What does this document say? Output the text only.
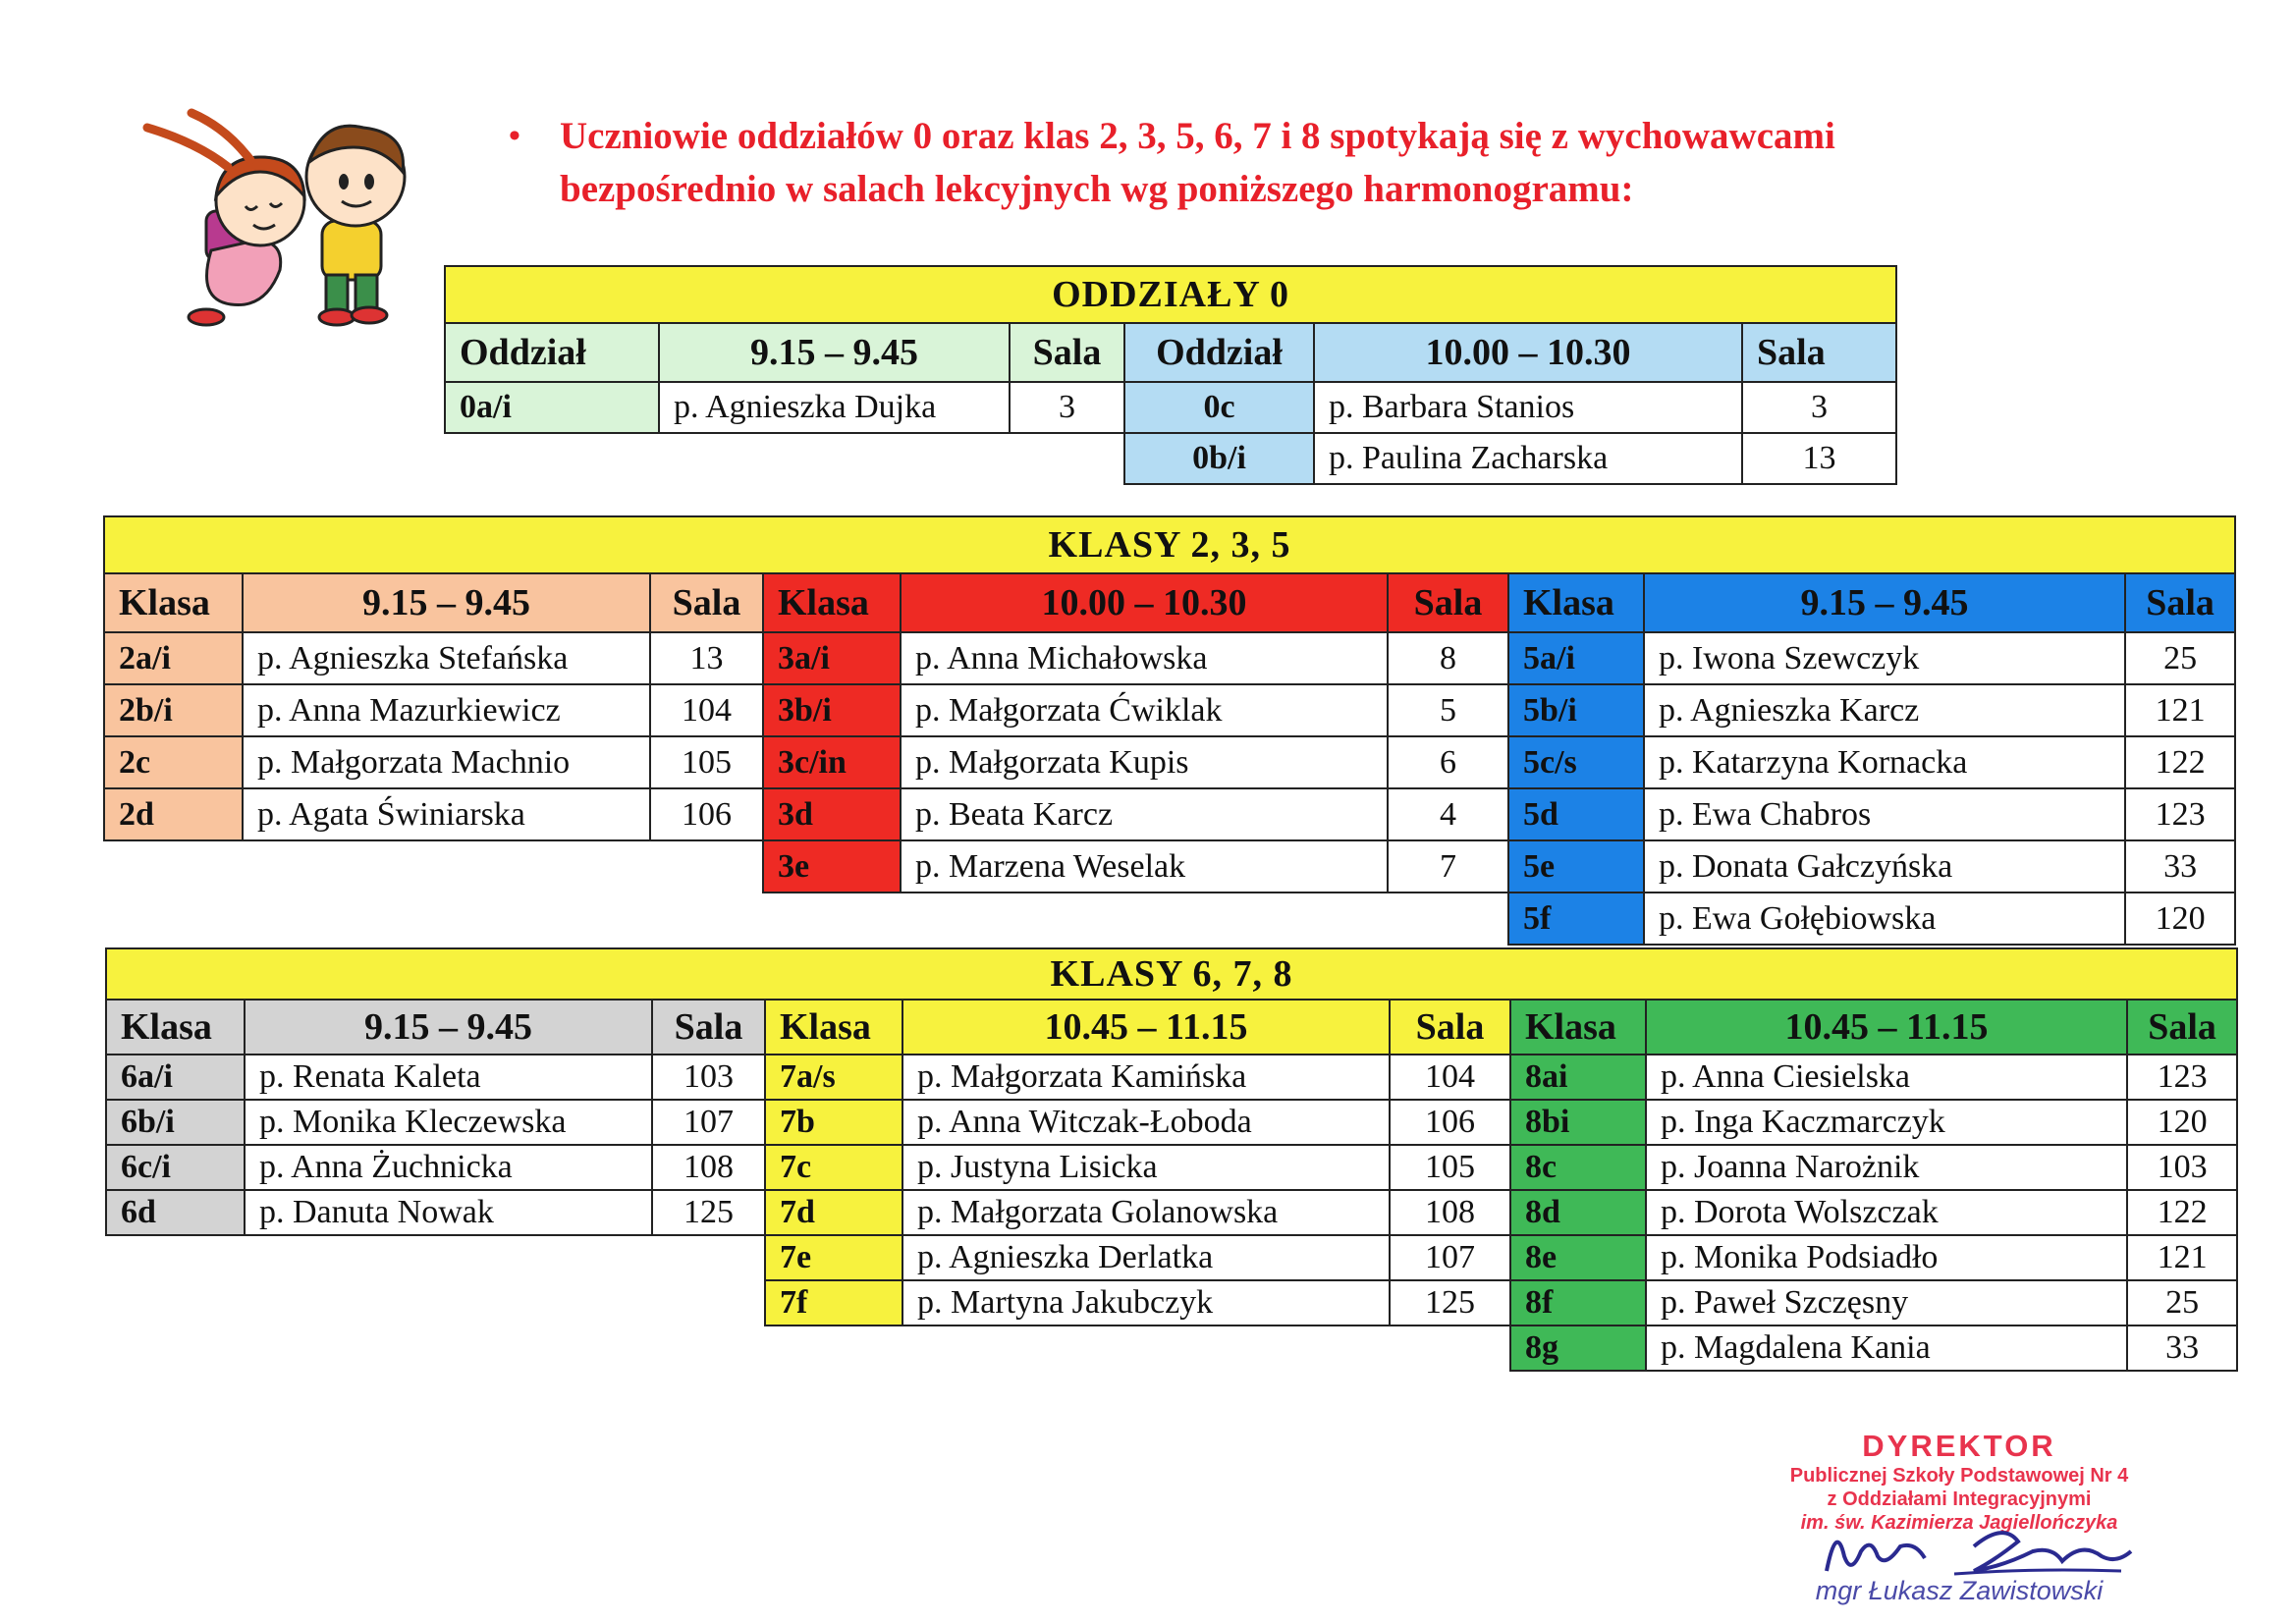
• Uczniowie oddziałów 0 oraz klas 2, 3, 5, 6, 7 i 8 spotykają się z wychowawcami
bezpośrednio w salach lekcyjnych wg poniższego harmonogramu:
ODDZIAŁY 0					
Oddział	9.15 – 9.45	Sala	Oddział	10.00 – 10.30	Sala
0a/i	p. Agnieszka Dujka	3	0c	p. Barbara Stanios	3
			0b/i	p. Paulina Zacharska	13
KLASY 2, 3, 5								
Klasa	9.15 – 9.45	Sala	Klasa	10.00 – 10.30	Sala	Klasa	9.15 – 9.45	Sala
2a/i	p. Agnieszka Stefańska	13	3a/i	p. Anna Michałowska	8	5a/i	p. Iwona Szewczyk	25
2b/i	p. Anna Mazurkiewicz	104	3b/i	p. Małgorzata Ćwiklak	5	5b/i	p. Agnieszka Karcz	121
2c	p. Małgorzata Machnio	105	3c/in	p. Małgorzata Kupis	6	5c/s	p. Katarzyna Kornacka	122
2d	p. Agata Świniarska	106	3d	p. Beata Karcz	4	5d	p. Ewa Chabros	123
			3e	p. Marzena Weselak	7	5e	p. Donata Gałczyńska	33
						5f	p. Ewa Gołębiowska	120
KLASY 6, 7, 8								
Klasa	9.15 – 9.45	Sala	Klasa	10.45 – 11.15	Sala	Klasa	10.45 – 11.15	Sala
6a/i	p. Renata Kaleta	103	7a/s	p. Małgorzata Kamińska	104	8ai	p. Anna Ciesielska	123
6b/i	p. Monika Kleczewska	107	7b	p. Anna Witczak-Łoboda	106	8bi	p. Inga Kaczmarczyk	120
6c/i	p. Anna Żuchnicka	108	7c	p. Justyna Lisicka	105	8c	p. Joanna Narożnik	103
6d	p. Danuta Nowak	125	7d	p. Małgorzata Golanowska	108	8d	p. Dorota Wolszczak	122
			7e	p. Agnieszka Derlatka	107	8e	p. Monika Podsiadło	121
			7f	p. Martyna Jakubczyk	125	8f	p. Paweł Szczęsny	25
						8g	p. Magdalena Kania	33
DYREKTOR
Publicznej Szkoły Podstawowej Nr 4
z Oddziałami Integracyjnymi
im. św. Kazimierza Jagiellończyka
mgr Łukasz Zawistowski
